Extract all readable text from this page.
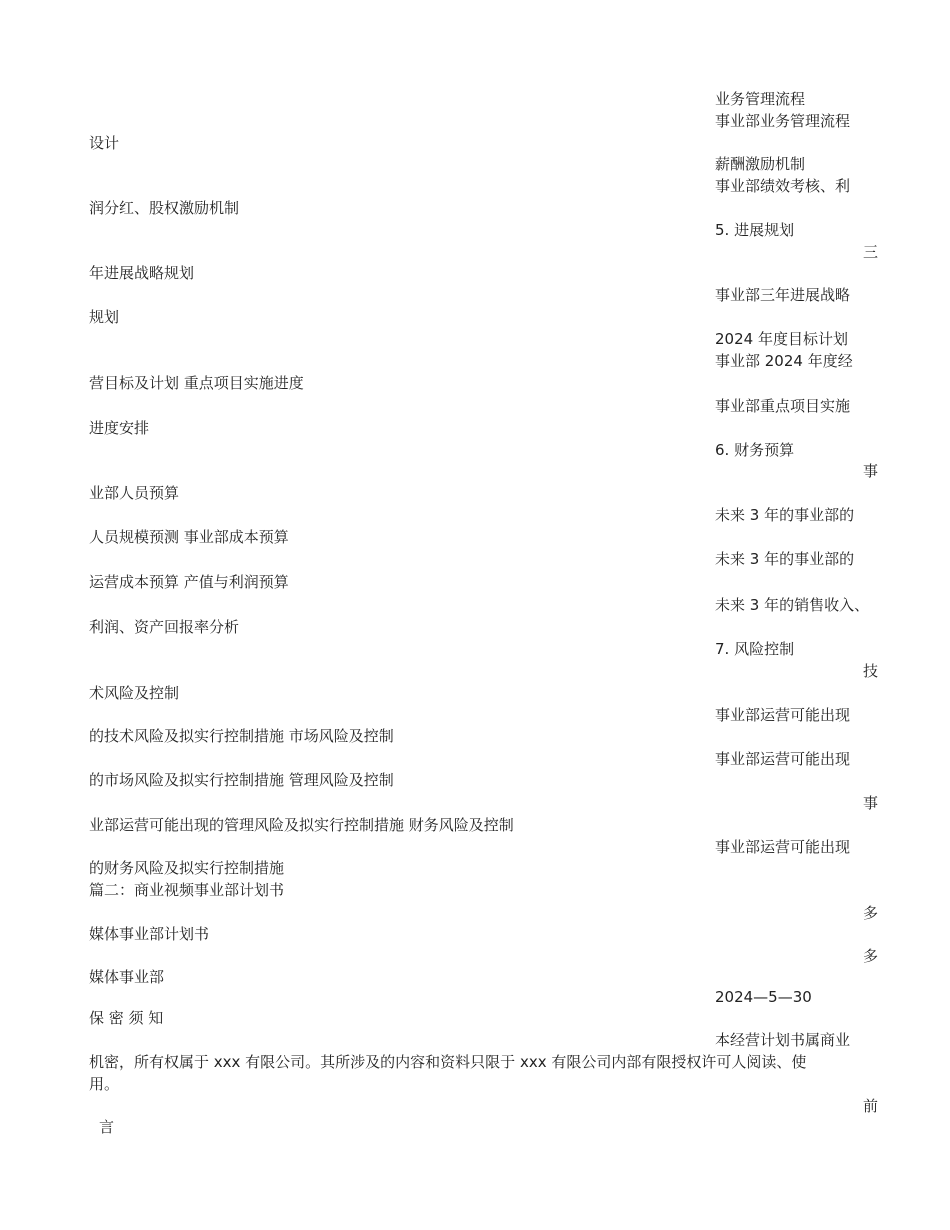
业务管理流程
事业部业务管理流程
设计
薪酬激励机制
事业部绩效考核、利
润分红、股权激励机制
5. 进展规划
三
年进展战略规划
事业部三年进展战略
规划
2024 年度目标计划
事业部 2024 年度经
营目标及计划 重点项目实施进度
事业部重点项目实施
进度安排
6. 财务预算
事
业部人员预算
未来 3 年的事业部的
人员规模预测 事业部成本预算
未来 3 年的事业部的
运营成本预算 产值与利润预算
未来 3 年的销售收入、
利润、资产回报率分析
7. 风险控制
技
术风险及控制
事业部运营可能出现
的技术风险及拟实行控制措施 市场风险及控制
事业部运营可能出现
的市场风险及拟实行控制措施 管理风险及控制
事
业部运营可能出现的管理风险及拟实行控制措施 财务风险及控制
事业部运营可能出现
的财务风险及拟实行控制措施
篇二：商业视频事业部计划书
多
媒体事业部计划书
多
媒体事业部
2024—5—30
保 密 须 知
本经营计划书属商业
机密，所有权属于 xxx 有限公司。其所涉及的内容和资料只限于 xxx 有限公司内部有限授权许可人阅读、使
用。
前
言
